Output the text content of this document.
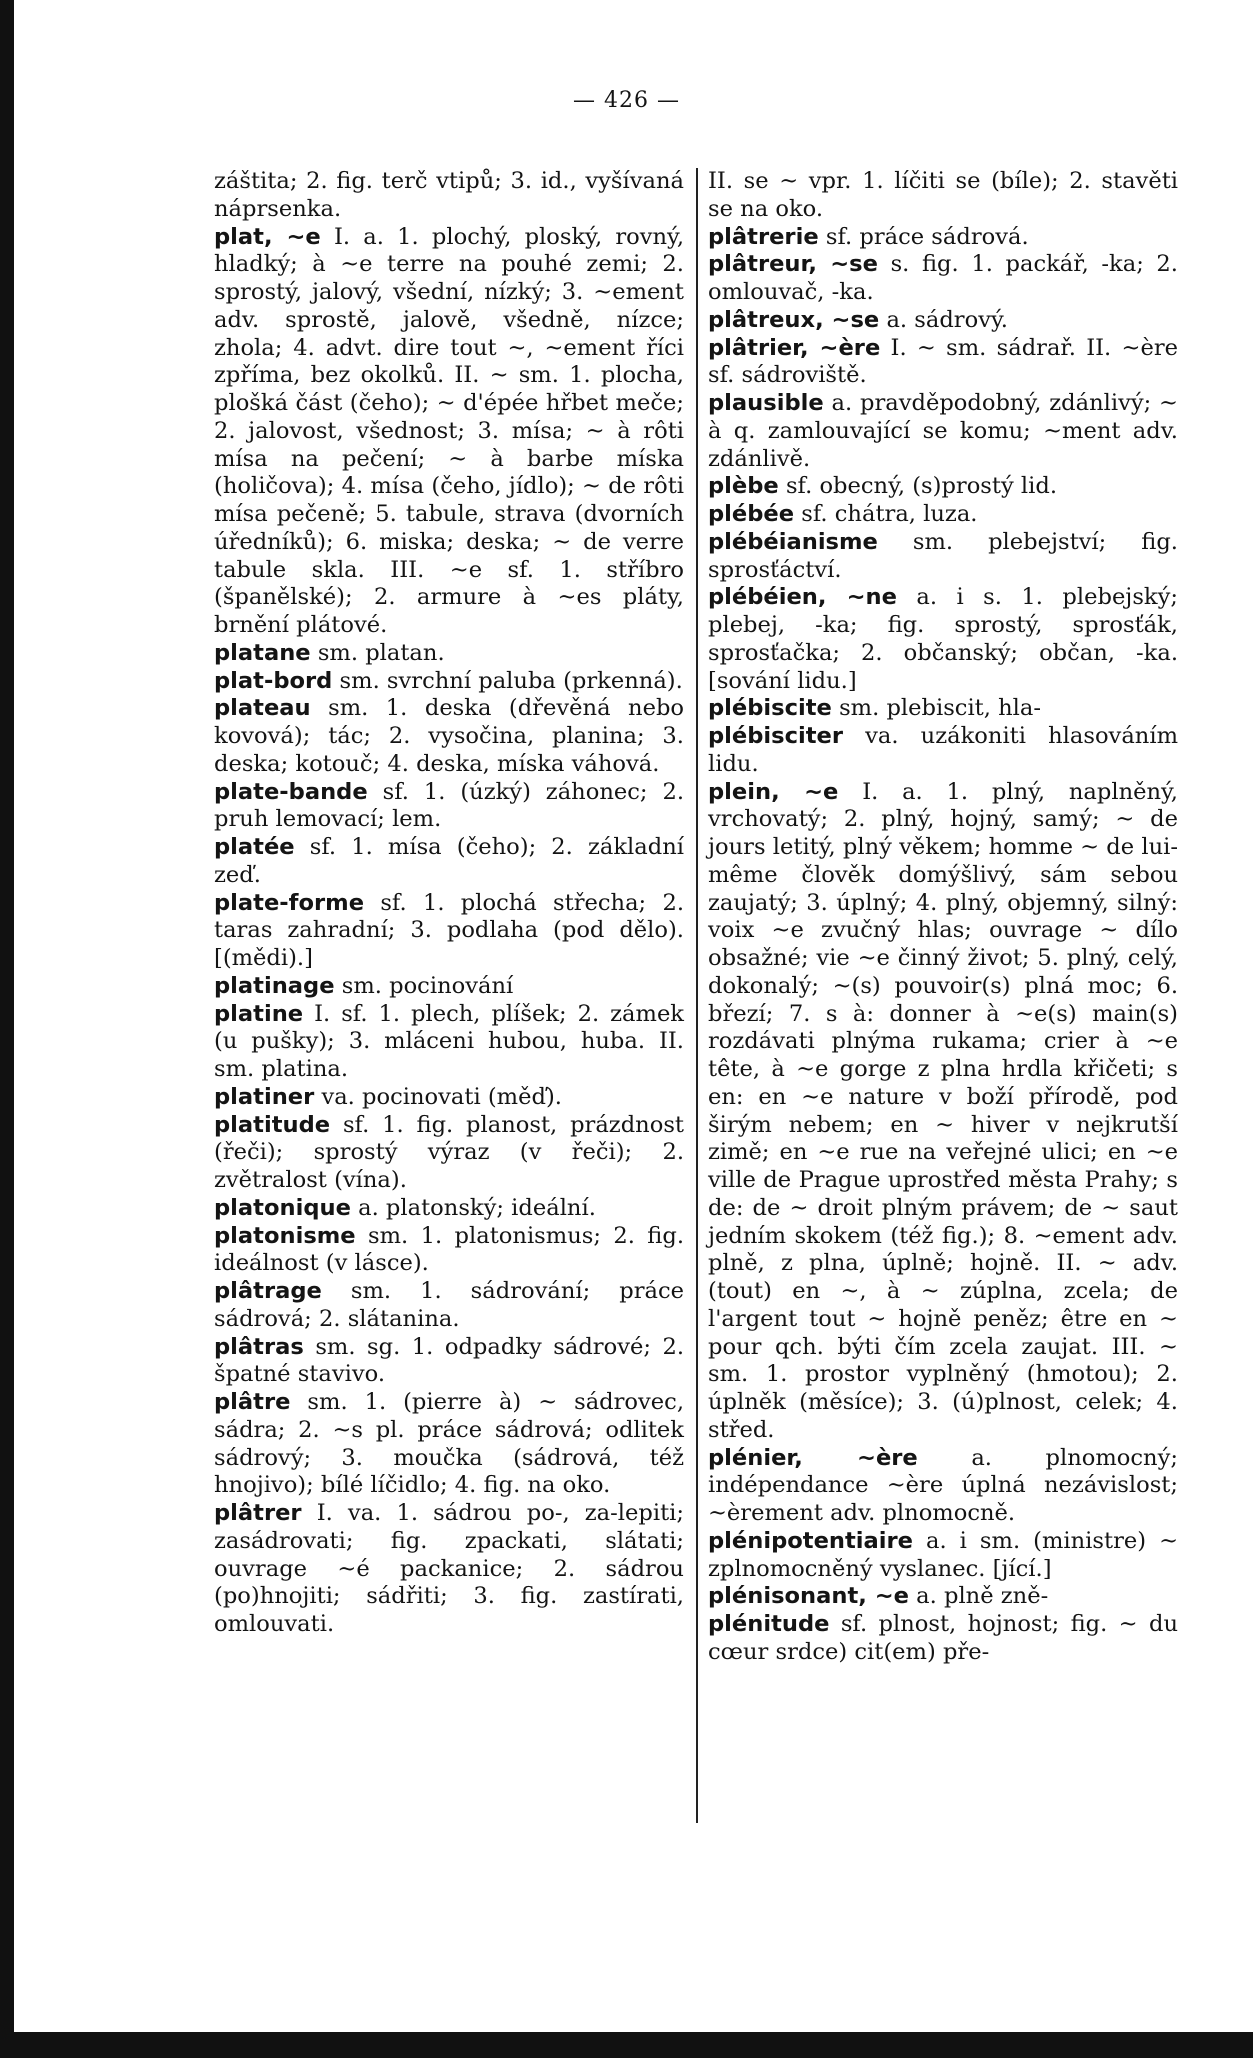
— 426 —

záštita; 2. fig. terč vtipů; 3. id., vyšívaná náprsenka.

plat, ~e I. a. 1. plochý, ploský, rovný, hladký; à ~e terre na pouhé zemi; 2. sprostý, jalový, všední, nízký; 3. ~ement adv. sprostě, jalově, všedně, nízce; zhola; 4. advt. dire tout ~, ~ement říci zpříma, bez okolků. II. ~ sm. 1. plocha, plošká část (čeho); ~ d'épée hřbet meče; 2. jalovost, všednost; 3. mísa; ~ à rôti mísa na pečení; ~ à barbe míska (holičova); 4. mísa (čeho, jídlo); ~ de rôti mísa pečeně; 5. tabule, strava (dvorních úředníků); 6. miska; deska; ~ de verre tabule skla. III. ~e sf. 1. stříbro (španělské); 2. armure à ~es pláty, brnění plátové.

platane sm. platan.

plat-bord sm. svrchní paluba (prkenná).

plateau sm. 1. deska (dřevěná nebo kovová); tác; 2. vysočina, planina; 3. deska; kotouč; 4. deska, míska váhová.

plate-bande sf. 1. (úzký) záhonec; 2. pruh lemovací; lem.

platée sf. 1. mísa (čeho); 2. základní zeď.

plate-forme sf. 1. plochá střecha; 2. taras zahradní; 3. podlaha (pod dělo). [(mědi).]

platinage sm. pocinování

platine I. sf. 1. plech, plíšek; 2. zámek (u pušky); 3. mláceni hubou, huba. II. sm. platina.

platiner va. pocinovati (měď).

platitude sf. 1. fig. planost, prázdnost (řeči); sprostý výraz (v řeči); 2. zvětralost (vína).

platonique a. platonský; ideální.

platonisme sm. 1. platonismus; 2. fig. ideálnost (v lásce).

plâtrage sm. 1. sádrování; práce sádrová; 2. slátanina.

plâtras sm. sg. 1. odpadky sádrové; 2. špatné stavivo.

plâtre sm. 1. (pierre à) ~ sádrovec, sádra; 2. ~s pl. práce sádrová; odlitek sádrový; 3. moučka (sádrová, též hnojivo); bílé líčidlo; 4. fig. na oko.

plâtrer I. va. 1. sádrou po-, za-lepiti; zasádrovati; fig. zpackati, slátati; ouvrage ~é packanice; 2. sádrou (po)hnojiti; sádřiti; 3. fig. zastírati, omlouvati.

II. se ~ vpr. 1. líčiti se (bíle); 2. stavěti se na oko.

plâtrerie sf. práce sádrová.

plâtreur, ~se s. fig. 1. packář, -ka; 2. omlouvač, -ka.

plâtreux, ~se a. sádrový.

plâtrier, ~ère I. ~ sm. sádrař. II. ~ère sf. sádroviště.

plausible a. pravděpodobný, zdánlivý; ~ à q. zamlouvající se komu; ~ment adv. zdánlivě.

plèbe sf. obecný, (s)prostý lid.

plébée sf. chátra, luza.

plébéianisme sm. plebejství; fig. sprosťáctví.

plébéien, ~ne a. i s. 1. plebejský; plebej, -ka; fig. sprostý, sprosťák, sprosťačka; 2. občanský; občan, -ka. [sování lidu.]

plébiscite sm. plebiscit, hla-

plébisciter va. uzákoniti hlasováním lidu.

plein, ~e I. a. 1. plný, naplněný, vrchovatý; 2. plný, hojný, samý; ~ de jours letitý, plný věkem; homme ~ de lui-même člověk domýšlivý, sám sebou zaujatý; 3. úplný; 4. plný, objemný, silný: voix ~e zvučný hlas; ouvrage ~ dílo obsažné; vie ~e činný život; 5. plný, celý, dokonalý; ~(s) pouvoir(s) plná moc; 6. březí; 7. s à: donner à ~e(s) main(s) rozdávati plnýma rukama; crier à ~e tête, à ~e gorge z plna hrdla křičeti; s en: en ~e nature v boží přírodě, pod širým nebem; en ~ hiver v nejkrutší zimě; en ~e rue na veřejné ulici; en ~e ville de Prague uprostřed města Prahy; s de: de ~ droit plným právem; de ~ saut jedním skokem (též fig.); 8. ~ement adv. plně, z plna, úplně; hojně. II. ~ adv. (tout) en ~, à ~ zúplna, zcela; de l'argent tout ~ hojně peněz; être en ~ pour qch. býti čím zcela zaujat. III. ~ sm. 1. prostor vyplněný (hmotou); 2. úplněk (měsíce); 3. (ú)plnost, celek; 4. střed.

plénier, ~ère a. plnomocný; indépendance ~ère úplná nezávislost; ~èrement adv. plnomocně.

plénipotentiaire a. i sm. (ministre) ~ zplnomocněný vyslanec. [jící.]

plénisonant, ~e a. plně zně-

plénitude sf. plnost, hojnost; fig. ~ du cœur srdce) cit(em) pře-
